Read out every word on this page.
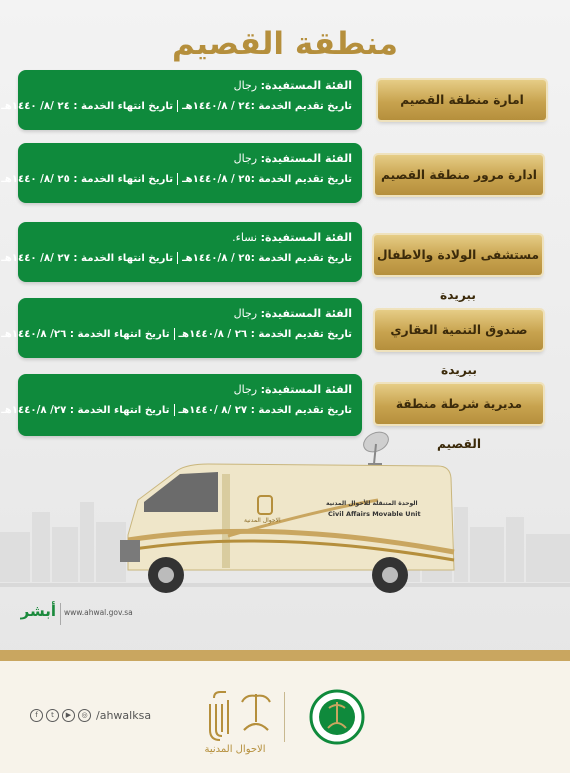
منطقة القصيم
الفئة المستفيدة: رجال
تاريخ تقديم الخدمة :٢٤ / ١٤٤٠/٨هـتاريخ انتهاء الخدمة : ٢٤ /٨/ ١٤٤٠هـ	امارة منطقة القصيم
الفئة المستفيدة: رجال
تاريخ تقديم الخدمة :٢٥ / ١٤٤٠/٨هـتاريخ انتهاء الخدمة : ٢٥ /٨/ ١٤٤٠هـ	ادارة مرور منطقة القصيم
الفئة المستفيدة: نساء.
تاريخ تقديم الخدمة :٢٥ / ١٤٤٠/٨هـتاريخ انتهاء الخدمة : ٢٧ /٨/ ١٤٤٠هـ	مستشفى الولادة والاطفال ببريدة
الفئة المستفيدة: رجال
تاريخ تقديم الخدمة : ٢٦ / ١٤٤٠/٨هـتاريخ انتهاء الخدمة : ٢٦/ ١٤٤٠/٨هـ	صندوق التنمية العقاري ببريدة
الفئة المستفيدة: رجال
تاريخ تقديم الخدمة : ٢٧ /٨ /١٤٤٠هـتاريخ انتهاء الخدمة : ٢٧/ ١٤٤٠/٨هـ	مديرية شرطة منطقة القصيم
الاحوال المدنية
الوحدة المتنقلة للأحوال المدنية
Civil Affairs Movable Unit
أبشر www.ahwal.gov.sa
f	t	▶	◎ /ahwalksa
الاحوال المدنية
